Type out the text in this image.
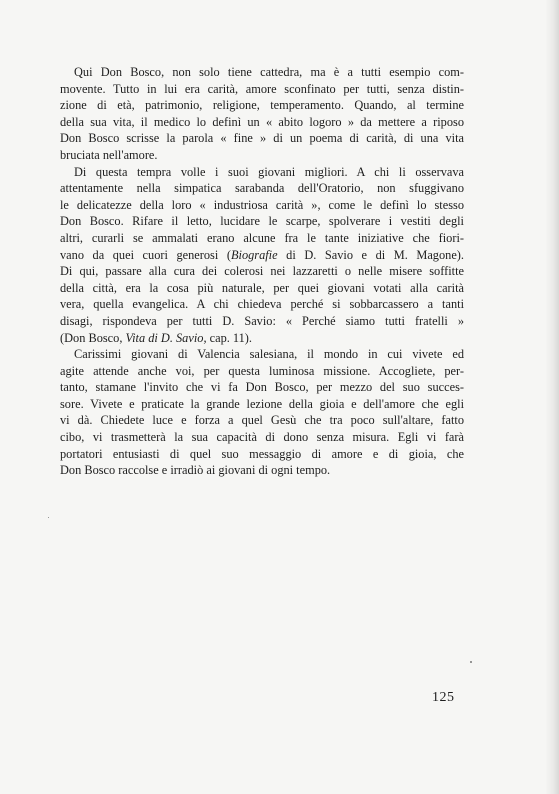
Qui Don Bosco, non solo tiene cattedra, ma è a tutti esempio com-
movente. Tutto in lui era carità, amore sconfinato per tutti, senza distin-
zione di età, patrimonio, religione, temperamento. Quando, al termine
della sua vita, il medico lo definì un « abito logoro » da mettere a riposo
Don Bosco scrisse la parola « fine » di un poema di carità, di una vita
bruciata nell'amore.
Di questa tempra volle i suoi giovani migliori. A chi li osservava
attentamente nella simpatica sarabanda dell'Oratorio, non sfuggivano
le delicatezze della loro « industriosa carità », come le definì lo stesso
Don Bosco. Rifare il letto, lucidare le scarpe, spolverare i vestiti degli
altri, curarli se ammalati erano alcune fra le tante iniziative che fiori-
vano da quei cuori generosi (Biografie di D. Savio e di M. Magone).
Di qui, passare alla cura dei colerosi nei lazzaretti o nelle misere soffitte
della città, era la cosa più naturale, per quei giovani votati alla carità
vera, quella evangelica. A chi chiedeva perché si sobbarcassero a tanti
disagi, rispondeva per tutti D. Savio: « Perché siamo tutti fratelli »
(Don Bosco, Vita di D. Savio, cap. 11).
Carissimi giovani di Valencia salesiana, il mondo in cui vivete ed
agite attende anche voi, per questa luminosa missione. Accogliete, per-
tanto, stamane l'invito che vi fa Don Bosco, per mezzo del suo succes-
sore. Vivete e praticate la grande lezione della gioia e dell'amore che egli
vi dà. Chiedete luce e forza a quel Gesù che tra poco sull'altare, fatto
cibo, vi trasmetterà la sua capacità di dono senza misura. Egli vi farà
portatori entusiasti di quel suo messaggio di amore e di gioia, che
Don Bosco raccolse e irradiò ai giovani di ogni tempo.
125
